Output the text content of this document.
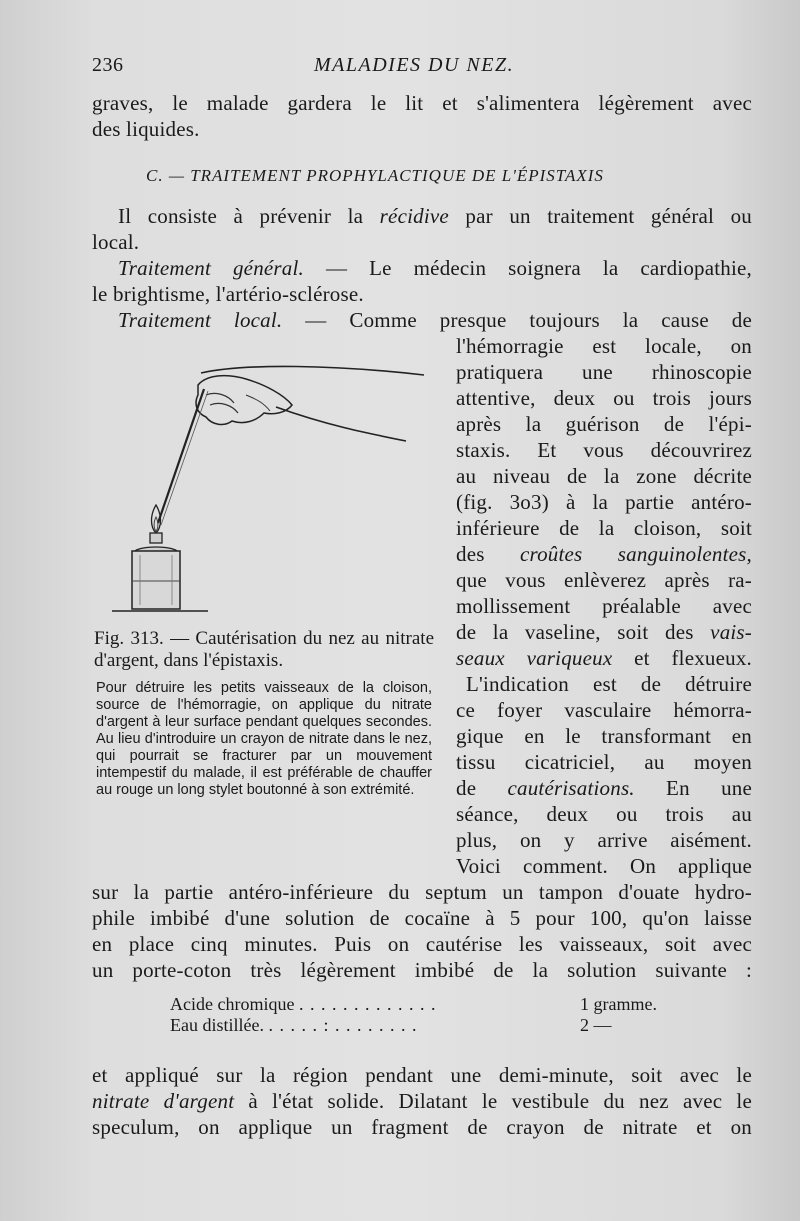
236	MALADIES DU NEZ.
graves, le malade gardera le lit et s'alimentera légèrement avec
des liquides.
C. — TRAITEMENT PROPHYLACTIQUE DE L'ÉPISTAXIS
Il consiste à prévenir la récidive par un traitement général ou
local.
Traitement général. — Le médecin soignera la cardiopathie,
le brightisme, l'artério-sclérose.
Traitement local. — Comme presque toujours la cause de
l'hémorragie est locale, on
pratiquera une rhinoscopie
attentive, deux ou trois jours
après la guérison de l'épi-
staxis. Et vous découvrirez
au niveau de la zone décrite
(fig. 3o3) à la partie antéro-
inférieure de la cloison, soit
des croûtes sanguinolentes,
que vous enlèverez après ra-
mollissement préalable avec
de la vaseline, soit des vais-
seaux variqueux et flexueux.
L'indication est de détruire
ce foyer vasculaire hémorra-
gique en le transformant en
tissu cicatriciel, au moyen
de cautérisations. En une
séance, deux ou trois au
plus, on y arrive aisément.
Voici comment. On applique
sur la partie antéro-inférieure du septum un tampon d'ouate hydro-
phile imbibé d'une solution de cocaïne à 5 pour 100, qu'on laisse
en place cinq minutes. Puis on cautérise les vaisseaux, soit avec
un porte-coton très légèrement imbibé de la solution suivante :
Acide chromique . . . . . . . . . . . . .	1 gramme.
Eau distillée. . . . . . : . . . . . . . .	2 —
et appliqué sur la région pendant une demi-minute, soit avec le
nitrate d'argent à l'état solide. Dilatant le vestibule du nez avec le
speculum, on applique un fragment de crayon de nitrate et on
Fig. 313. — Cautérisation du nez au nitrate d'argent, dans l'épistaxis.
Pour détruire les petits vaisseaux de la cloison, source de l'hémorragie, on applique du nitrate d'argent à leur surface pendant quelques secondes. Au lieu d'introduire un crayon de nitrate dans le nez, qui pourrait se fracturer par un mouvement intempestif du malade, il est préférable de chauffer au rouge un long stylet boutonné à son extrémité.
